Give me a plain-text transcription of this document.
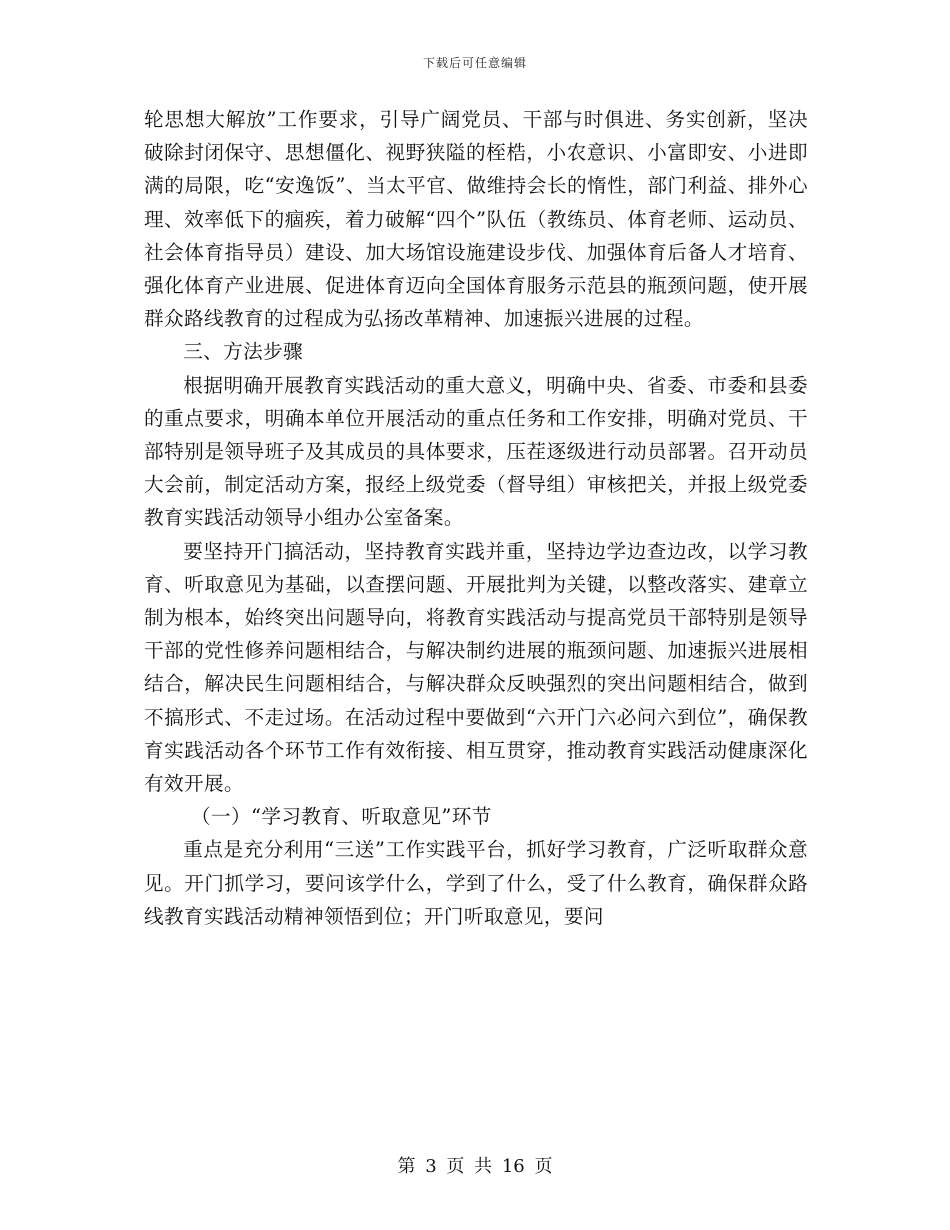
下载后可任意编辑

轮思想大解放”工作要求，引导广阔党员、干部与时俱进、务实创新，坚决破除封闭保守、思想僵化、视野狭隘的桎梏，小农意识、小富即安、小进即满的局限，吃“安逸饭”、当太平官、做维持会长的惰性，部门利益、排外心理、效率低下的痼疾，着力破解“四个”队伍（教练员、体育老师、运动员、社会体育指导员）建设、加大场馆设施建设步伐、加强体育后备人才培育、强化体育产业进展、促进体育迈向全国体育服务示范县的瓶颈问题，使开展群众路线教育的过程成为弘扬改革精神、加速振兴进展的过程。

三、方法步骤

根据明确开展教育实践活动的重大意义，明确中央、省委、市委和县委的重点要求，明确本单位开展活动的重点任务和工作安排，明确对党员、干部特别是领导班子及其成员的具体要求，压茬逐级进行动员部署。召开动员大会前，制定活动方案，报经上级党委（督导组）审核把关，并报上级党委教育实践活动领导小组办公室备案。

要坚持开门搞活动，坚持教育实践并重，坚持边学边查边改，以学习教育、听取意见为基础，以查摆问题、开展批判为关键，以整改落实、建章立制为根本，始终突出问题导向，将教育实践活动与提高党员干部特别是领导干部的党性修养问题相结合，与解决制约进展的瓶颈问题、加速振兴进展相结合，解决民生问题相结合，与解决群众反映强烈的突出问题相结合，做到不搞形式、不走过场。在活动过程中要做到“六开门六必问六到位”，确保教育实践活动各个环节工作有效衔接、相互贯穿，推动教育实践活动健康深化有效开展。

（一）“学习教育、听取意见”环节

重点是充分利用“三送”工作实践平台，抓好学习教育，广泛听取群众意见。开门抓学习，要问该学什么，学到了什么，受了什么教育，确保群众路线教育实践活动精神领悟到位；开门听取意见，要问

第 3 页 共 16 页
